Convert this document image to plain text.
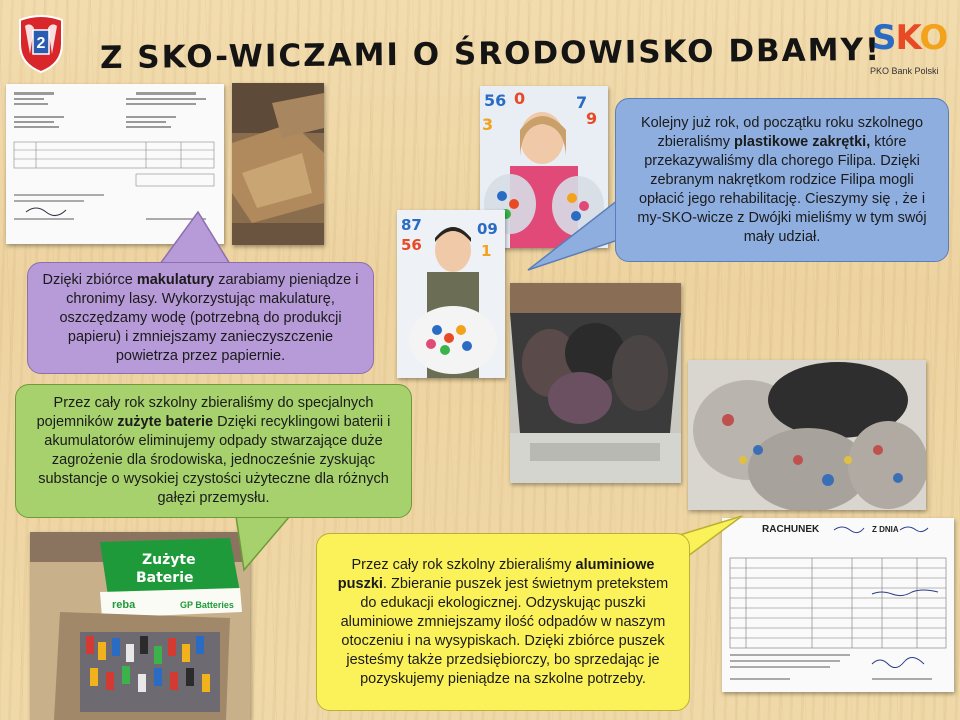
2 Z SKO-WICZAMI O ŚRODOWISKO DBAMY!
SKO
PKO Bank Polski
56 0	7
9
3
87
56
09
1
Zużyte
Baterie
reba	GP Batteries
RACHUNEK	Z DNIA
Dzięki zbiórce makulatury zarabiamy pieniądze i chronimy lasy. Wykorzystując makulaturę, oszczędzamy wodę (potrzebną do produkcji papieru) i zmniejszamy zanieczyszczenie powietrza przez papiernie.
Kolejny już rok, od początku roku szkolnego zbieraliśmy plastikowe zakrętki, które przekazywaliśmy dla chorego Filipa. Dzięki zebranym nakrętkom rodzice Filipa mogli opłacić jego rehabilitację. Cieszymy się , że i my-SKO-wicze z Dwójki mieliśmy w tym swój mały udział.
Przez cały rok szkolny zbieraliśmy do specjalnych pojemników zużyte baterie Dzięki recyklingowi baterii i akumulatorów eliminujemy odpady stwarzające duże zagrożenie dla środowiska, jednocześnie zyskując substancje o wysokiej czystości użyteczne dla różnych gałęzi przemysłu.
Przez cały rok szkolny zbieraliśmy aluminiowe puszki. Zbieranie puszek jest świetnym pretekstem do edukacji ekologicznej. Odzyskując puszki aluminiowe zmniejszamy ilość odpadów w naszym otoczeniu i na wysypiskach. Dzięki zbiórce puszek jesteśmy także przedsiębiorczy, bo sprzedając je pozyskujemy pieniądze na szkolne potrzeby.
